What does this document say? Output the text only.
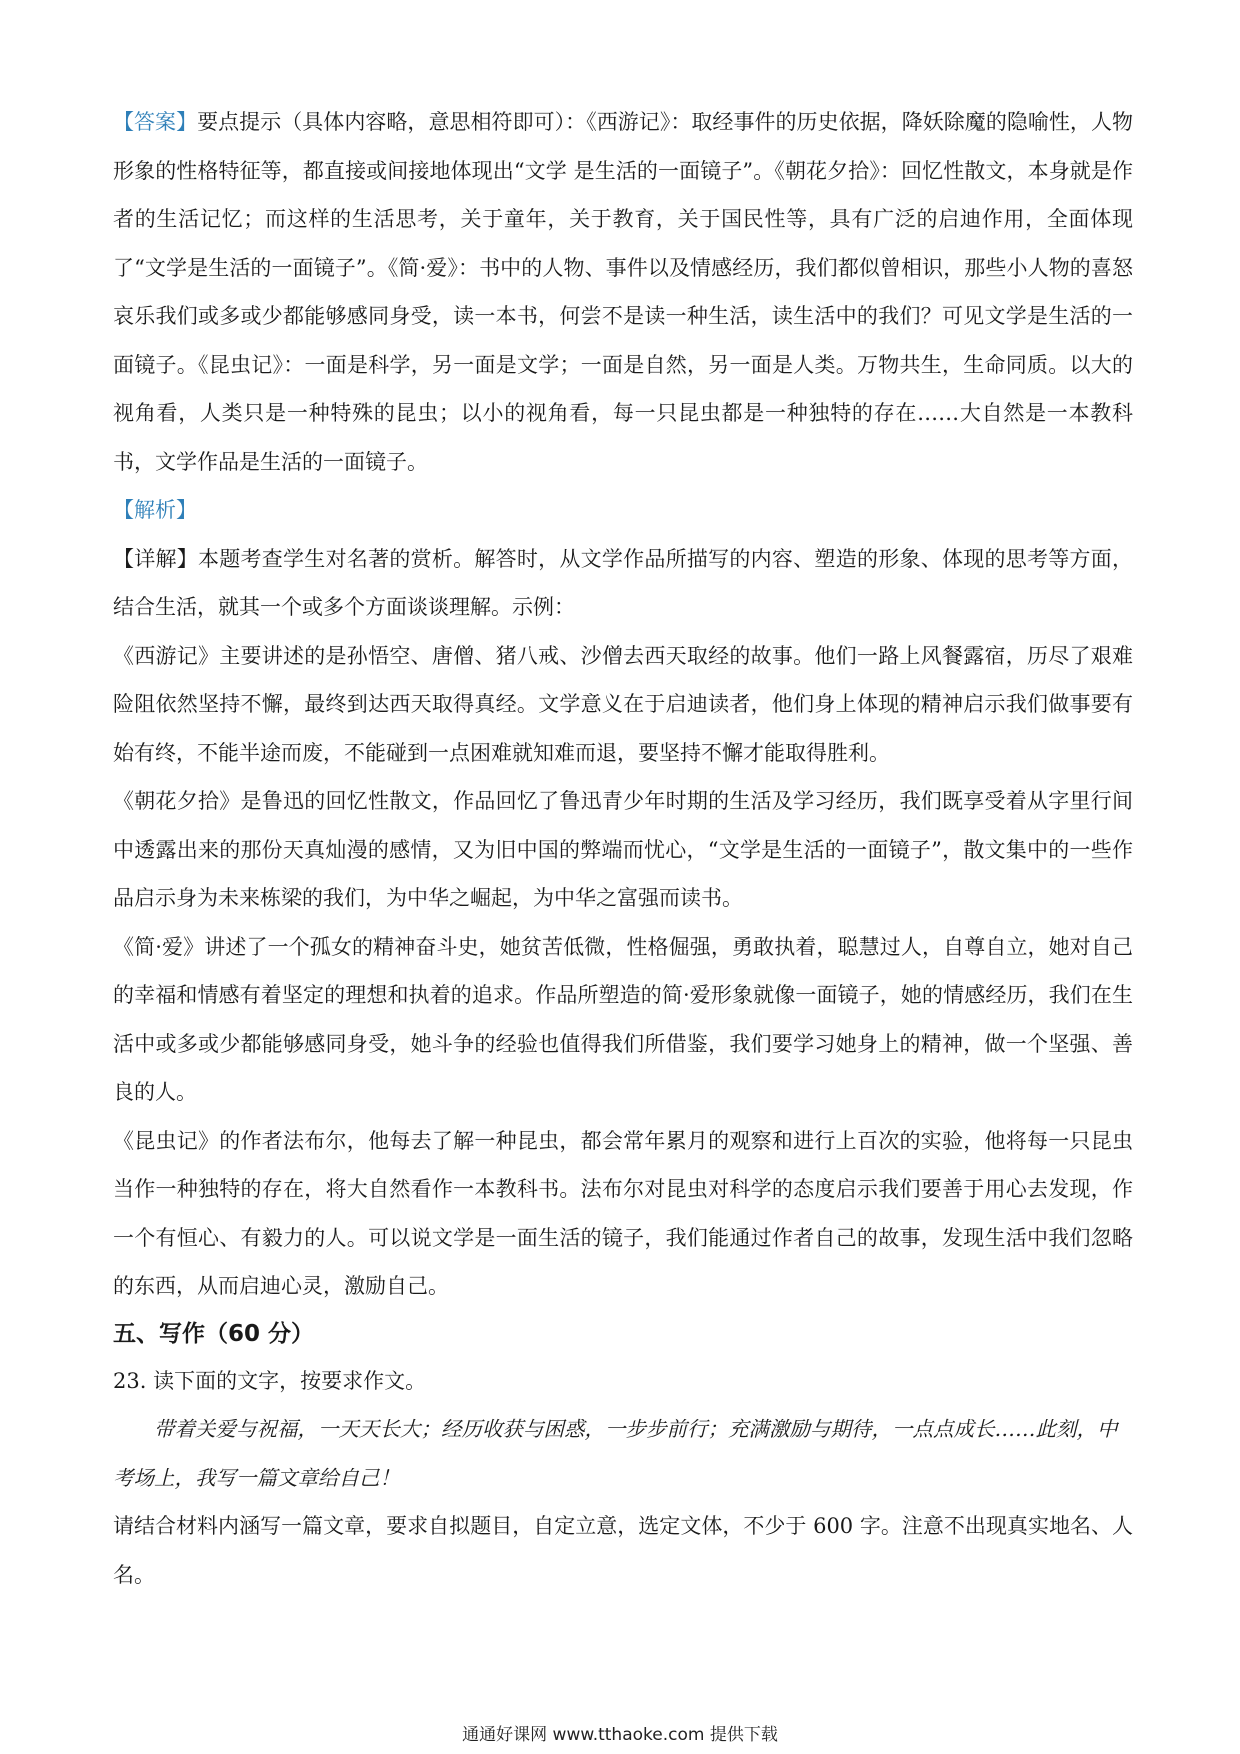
【答案】要点提示（具体内容略，意思相符即可）：《西游记》：取经事件的历史依据，降妖除魔的隐喻性，人物形象的性格特征等，都直接或间接地体现出“文学 是生活的一面镜子”。《朝花夕拾》：回忆性散文，本身就是作者的生活记忆；而这样的生活思考，关于童年，关于教育，关于国民性等，具有广泛的启迪作用，全面体现了“文学是生活的一面镜子”。《简·爱》：书中的人物、事件以及情感经历，我们都似曾相识，那些小人物的喜怒哀乐我们或多或少都能够感同身受，读一本书，何尝不是读一种生活，读生活中的我们？可见文学是生活的一面镜子。《昆虫记》：一面是科学，另一面是文学；一面是自然，另一面是人类。万物共生，生命同质。以大的视角看，人类只是一种特殊的昆虫；以小的视角看，每一只昆虫都是一种独特的存在……大自然是一本教科书，文学作品是生活的一面镜子。

【解析】

【详解】本题考查学生对名著的赏析。解答时，从文学作品所描写的内容、塑造的形象、体现的思考等方面，结合生活，就其一个或多个方面谈谈理解。示例：

《西游记》主要讲述的是孙悟空、唐僧、猪八戒、沙僧去西天取经的故事。他们一路上风餐露宿，历尽了艰难险阻依然坚持不懈，最终到达西天取得真经。文学意义在于启迪读者，他们身上体现的精神启示我们做事要有始有终，不能半途而废，不能碰到一点困难就知难而退，要坚持不懈才能取得胜利。

《朝花夕拾》是鲁迅的回忆性散文，作品回忆了鲁迅青少年时期的生活及学习经历，我们既享受着从字里行间中透露出来的那份天真灿漫的感情，又为旧中国的弊端而忧心，“文学是生活的一面镜子”，散文集中的一些作品启示身为未来栋梁的我们，为中华之崛起，为中华之富强而读书。

《简·爱》讲述了一个孤女的精神奋斗史，她贫苦低微，性格倔强，勇敢执着，聪慧过人，自尊自立，她对自己的幸福和情感有着坚定的理想和执着的追求。作品所塑造的简·爱形象就像一面镜子，她的情感经历，我们在生活中或多或少都能够感同身受，她斗争的经验也值得我们所借鉴，我们要学习她身上的精神，做一个坚强、善良的人。

《昆虫记》的作者法布尔，他每去了解一种昆虫，都会常年累月的观察和进行上百次的实验，他将每一只昆虫当作一种独特的存在，将大自然看作一本教科书。法布尔对昆虫对科学的态度启示我们要善于用心去发现，作一个有恒心、有毅力的人。可以说文学是一面生活的镜子，我们能通过作者自己的故事，发现生活中我们忽略的东西，从而启迪心灵，激励自己。

五、写作（60 分）

23. 读下面的文字，按要求作文。

带着关爱与祝福，一天天长大；经历收获与困惑，一步步前行；充满激励与期待，一点点成长……此刻，中考场上，我写一篇文章给自己！

请结合材料内涵写一篇文章，要求自拟题目，自定立意，选定文体，不少于 600 字。注意不出现真实地名、人名。

通通好课网 www.tthaoke.com 提供下载
